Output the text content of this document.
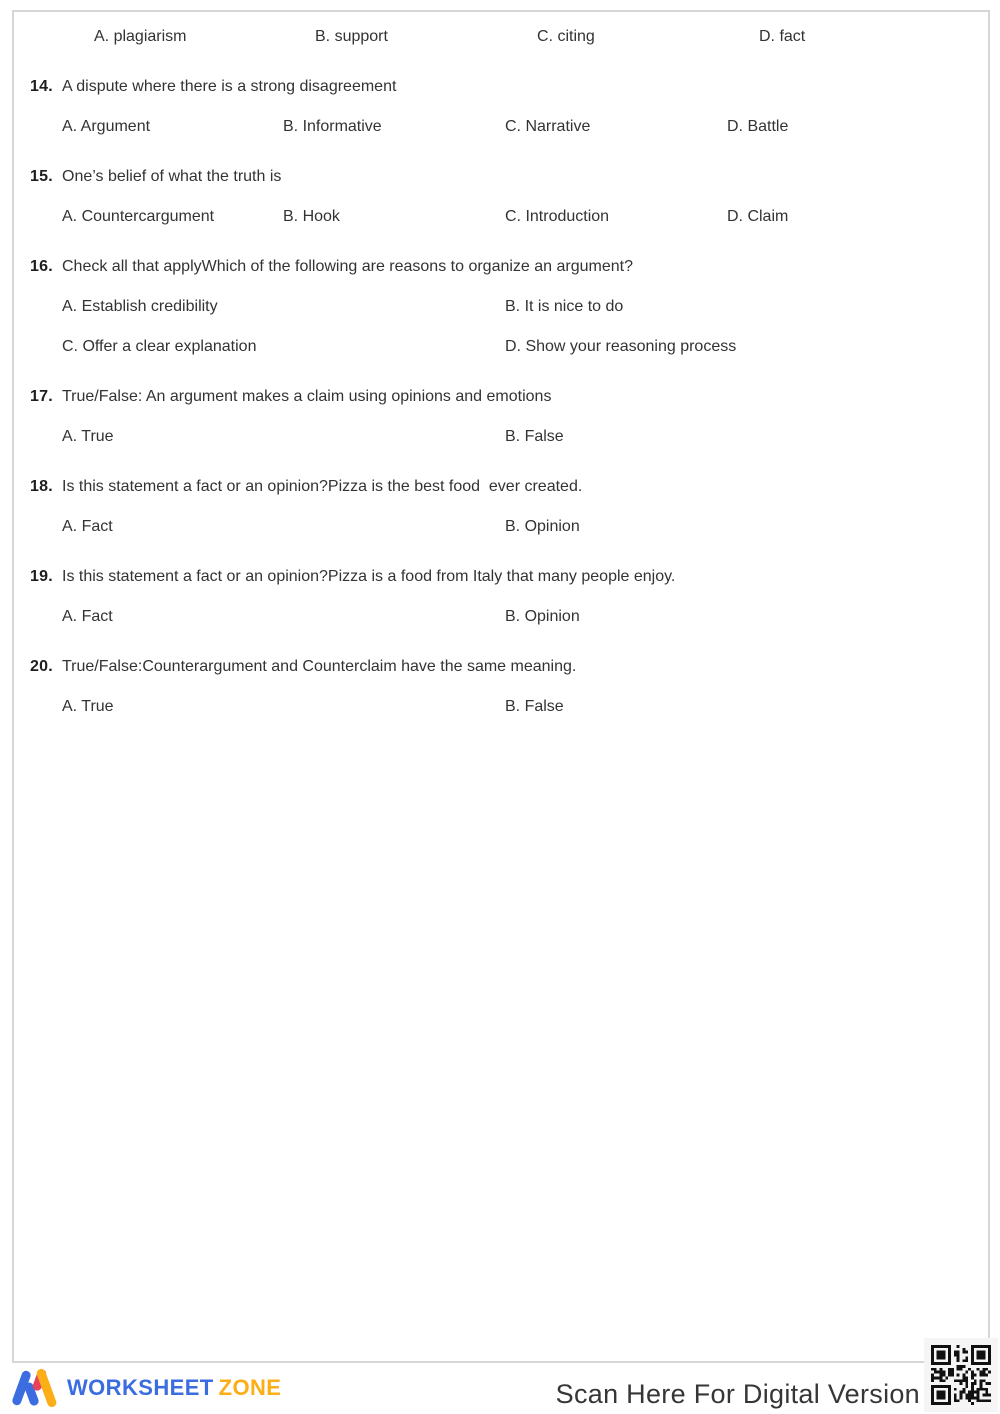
A. plagiarism	B. support	C. citing	D. fact
14. A dispute where there is a strong disagreement
A. Argument	B. Informative	C. Narrative	D. Battle
15. One’s belief of what the truth is
A. Countercargument	B. Hook	C. Introduction	D. Claim
16. Check all that applyWhich of the following are reasons to organize an argument?
A. Establish credibility	B. It is nice to do
C. Offer a clear explanation	D. Show your reasoning process
17. True/False: An argument makes a claim using opinions and emotions
A. True	B. False
18. Is this statement a fact or an opinion?Pizza is the best food  ever created.
A. Fact	B. Opinion
19. Is this statement a fact or an opinion?Pizza is a food from Italy that many people enjoy.
A. Fact	B. Opinion
20. True/False:Counterargument and Counterclaim have the same meaning.
A. True	B. False
WORKSHEET ZONE	Scan Here For Digital Version
